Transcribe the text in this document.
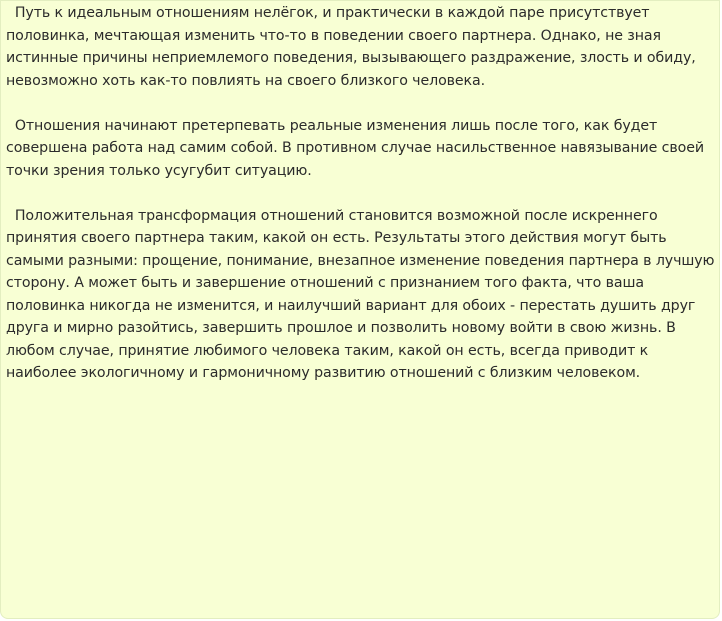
Путь к идеальным отношениям нелёгок, и практически в каждой паре присутствует половинка, мечтающая изменить что-то в поведении своего партнера. Однако, не зная истинные причины неприемлемого поведения, вызывающего раздражение, злость и обиду, невозможно хоть как-то повлиять на своего близкого человека.

Отношения начинают претерпевать реальные изменения лишь после того, как будет совершена работа над самим собой. В противном случае насильственное навязывание своей точки зрения только усугубит ситуацию.

Положительная трансформация отношений становится возможной после искреннего принятия своего партнера таким, какой он есть. Результаты этого действия могут быть самыми разными: прощение, понимание, внезапное изменение поведения партнера в лучшую сторону. А может быть и завершение отношений с признанием того факта, что ваша половинка никогда не изменится, и наилучший вариант для обоих - перестать душить друг друга и мирно разойтись, завершить прошлое и позволить новому войти в свою жизнь. В любом случае, принятие любимого человека таким, какой он есть, всегда приводит к наиболее экологичному и гармоничному развитию отношений с близким человеком.
